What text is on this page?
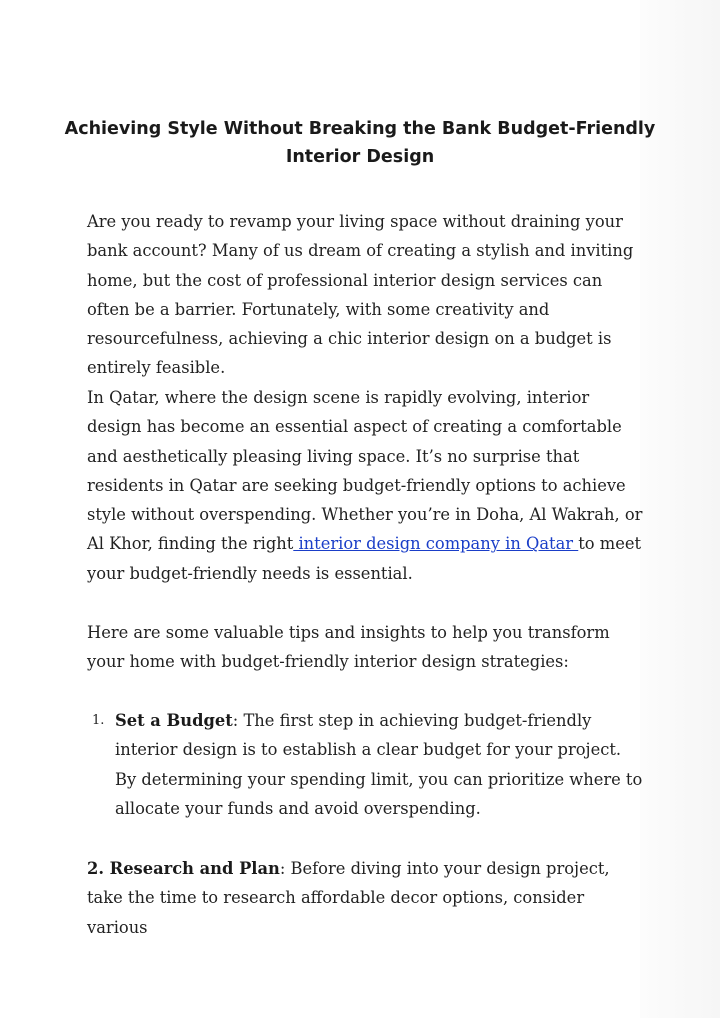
Achieving Style Without Breaking the Bank Budget-Friendly Interior Design

Are you ready to revamp your living space without draining your bank account? Many of us dream of creating a stylish and inviting home, but the cost of professional interior design services can often be a barrier. Fortunately, with some creativity and resourcefulness, achieving a chic interior design on a budget is entirely feasible.

In Qatar, where the design scene is rapidly evolving, interior design has become an essential aspect of creating a comfortable and aesthetically pleasing living space. It’s no surprise that residents in Qatar are seeking budget-friendly options to achieve style without overspending. Whether you’re in Doha, Al Wakrah, or Al Khor, finding the right interior design company in Qatar to meet your budget-friendly needs is essential.

Here are some valuable tips and insights to help you transform your home with budget-friendly interior design strategies:

1. Set a Budget: The first step in achieving budget-friendly interior design is to establish a clear budget for your project. By determining your spending limit, you can prioritize where to allocate your funds and avoid overspending.

2. Research and Plan: Before diving into your design project, take the time to research affordable decor options, consider various
